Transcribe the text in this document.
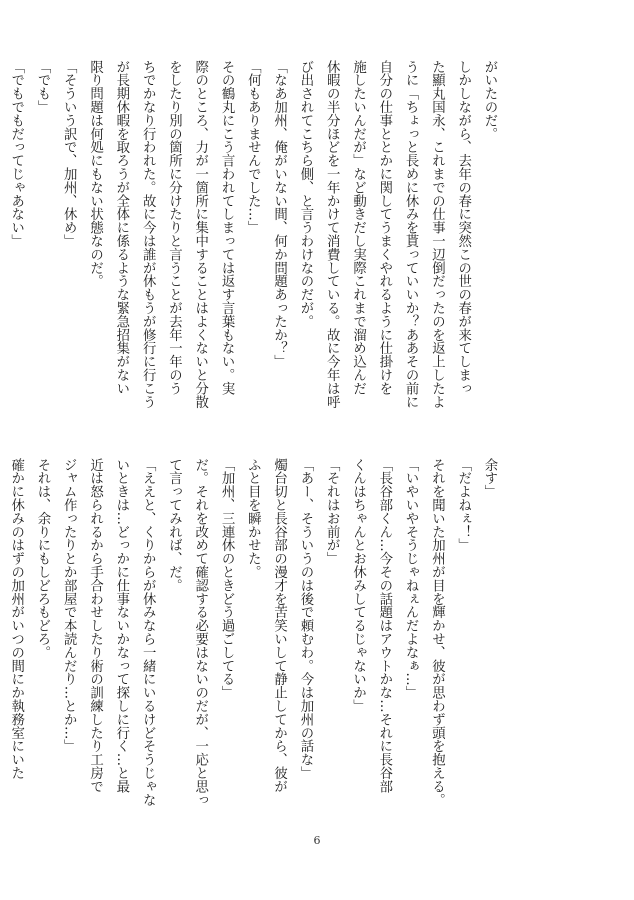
がいたのだ。
しかしながら、去年の春に突然この世の春が来てしまっ
た顯丸国永、これまでの仕事一辺倒だったのを返上したよ
うに「ちょっと長めに休みを貰っていいか？ああその前に
自分の仕事ととかに関してうまくやれるように仕掛けを
施したいんだが」など動きだし実際これまで溜め込んだ
休暇の半分ほどを一年かけて消費している。故に今年は呼
び出されてこちら側、と言うわけなのだが。
「なあ加州、俺がいない間、何か問題あったか？」
「何もありませんでした…」
その鶴丸にこう言われてしまっては返す言葉もない。実
際のところ、力が一箇所に集中することはよくないと分散
をしたり別の箇所に分けたりと言うことが去年一年のう
ちでかなり行われた。故に今は誰が休もうが修行に行こう
が長期休暇を取ろうが全体に係るような緊急招集がない
限り問題は何処にもない状態なのだ。
「そういう訳で、加州、休め」
「でも」
「でもでもだってじゃあない」
余す」
「だよねぇ！」
それを聞いた加州が目を輝かせ、彼が思わず頭を抱える。
「いやいやそうじゃねぇんだよなぁ…」
「長谷部くん…今その話題はアウトかな…それに長谷部
くんはちゃんとお休みしてるじゃないか」
「それはお前が」
「あー、そういうのは後で頼むわ。今は加州の話な」
燭台切と長谷部の漫才を苦笑いして静止してから、彼が
ふと目を瞬かせた。
「加州、三連休のときどう過ごしてる」
だ。それを改めて確認する必要はないのだが、一応と思っ
て言ってみれば、だ。
「ええと、くりからが休みなら一緒にいるけどそうじゃな
いときは…どっかに仕事ないかなって探しに行く…と最
近は怒られるから手合わせしたり術の訓練したり工房で
ジャム作ったりとか部屋で本読んだり…とか…」
それは、余りにもしどろもどろ。
確かに休みのはずの加州がいつの間にか執務室にいた
6
